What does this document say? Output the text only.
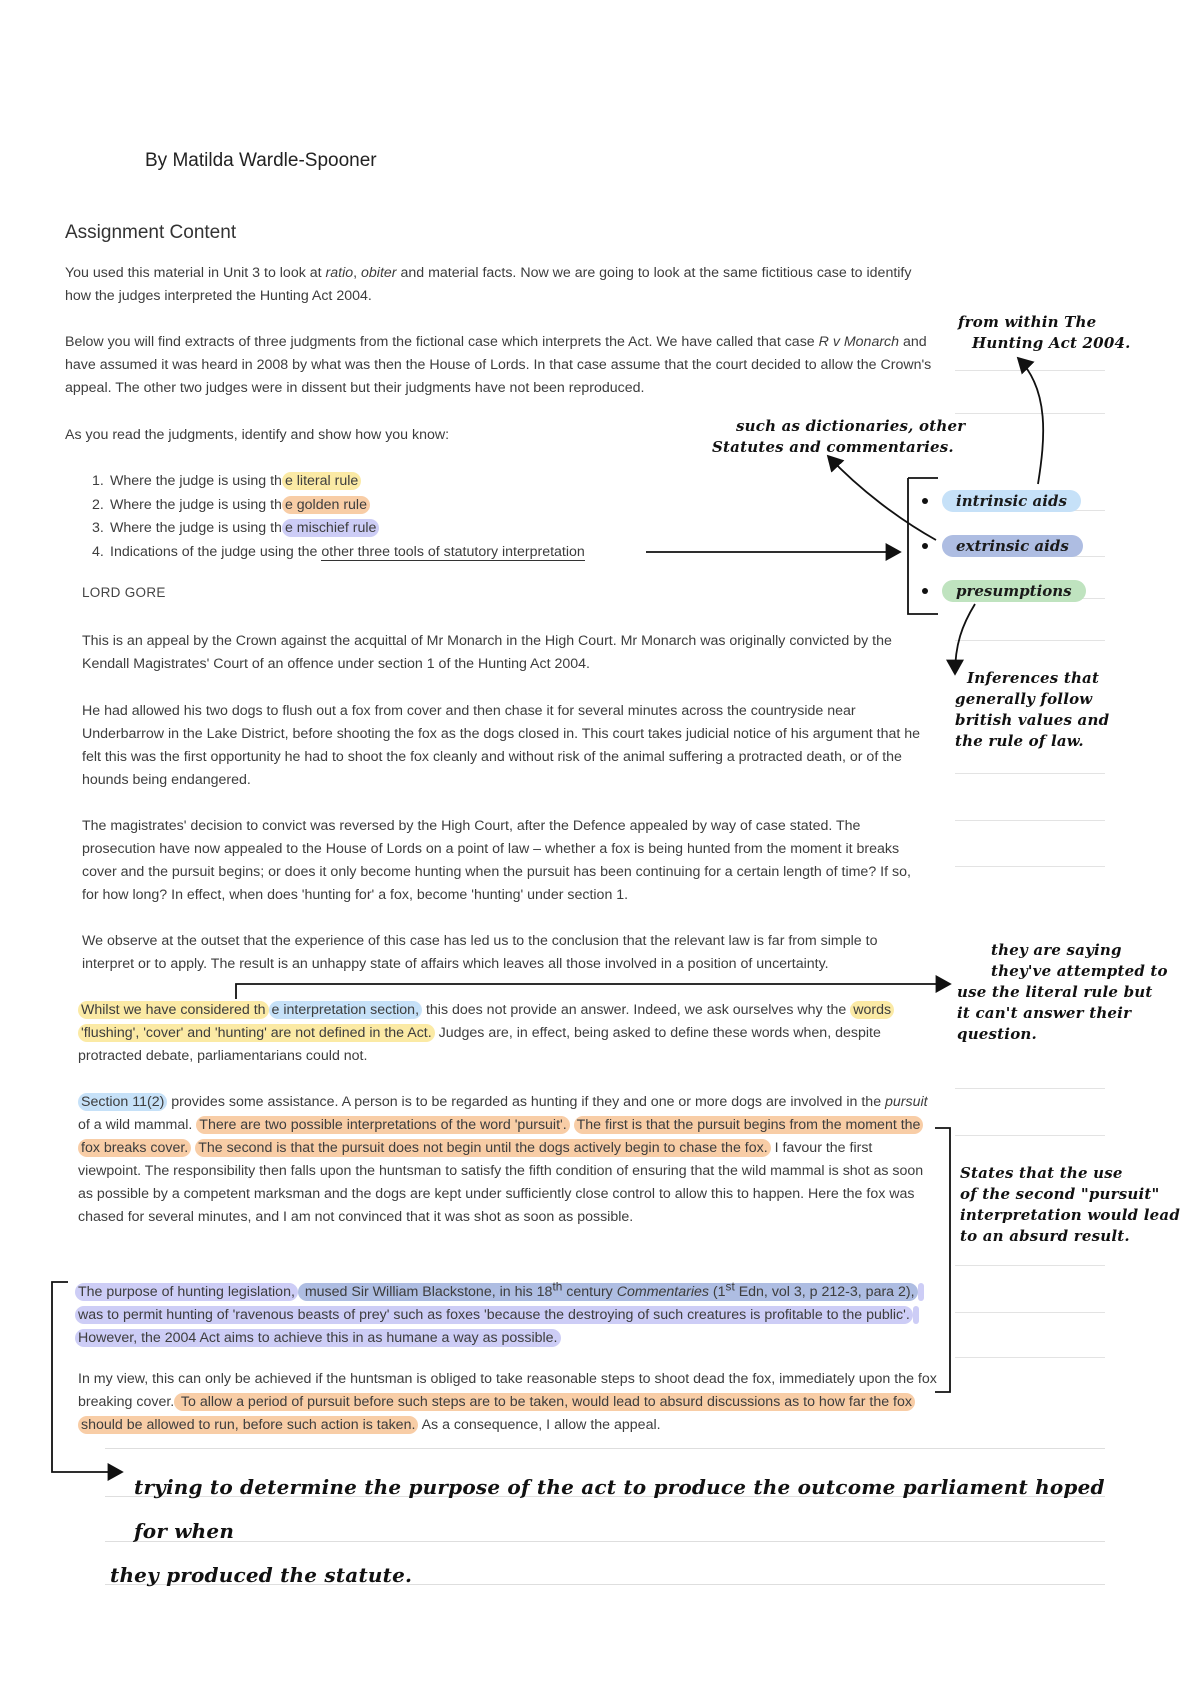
By Matilda Wardle-Spooner
Assignment Content
You used this material in Unit 3 to look at ratio, obiter and material facts. Now we are going to look at the same fictitious case to identify how the judges interpreted the Hunting Act 2004.
Below you will find extracts of three judgments from the fictional case which interprets the Act. We have called that case R v Monarch and have assumed it was heard in 2008 by what was then the House of Lords. In that case assume that the court decided to allow the Crown's appeal. The other two judges were in dissent but their judgments have not been reproduced.
As you read the judgments, identify and show how you know:
1. Where the judge is using th e literal rule
2. Where the judge is using th e golden rule
3. Where the judge is using th e mischief rule
4. Indications of the judge using the other three tools of statutory interpretation
LORD GORE
This is an appeal by the Crown against the acquittal of Mr Monarch in the High Court. Mr Monarch was originally convicted by the Kendall Magistrates' Court of an offence under section 1 of the Hunting Act 2004.
He had allowed his two dogs to flush out a fox from cover and then chase it for several minutes across the countryside near Underbarrow in the Lake District, before shooting the fox as the dogs closed in. This court takes judicial notice of his argument that he felt this was the first opportunity he had to shoot the fox cleanly and without risk of the animal suffering a protracted death, or of the hounds being endangered.
The magistrates' decision to convict was reversed by the High Court, after the Defence appealed by way of case stated. The prosecution have now appealed to the House of Lords on a point of law – whether a fox is being hunted from the moment it breaks cover and the pursuit begins; or does it only become hunting when the pursuit has been continuing for a certain length of time? If so, for how long? In effect, when does 'hunting for' a fox, become 'hunting' under section 1.
We observe at the outset that the experience of this case has led us to the conclusion that the relevant law is far from simple to interpret or to apply. The result is an unhappy state of affairs which leaves all those involved in a position of uncertainty.
Whilst we have considered th e interpretation section, this does not provide an answer. Indeed, we ask ourselves why the words 'flushing', 'cover' and 'hunting' are not defined in the Act. Judges are, in effect, being asked to define these words when, despite protracted debate, parliamentarians could not.
Section 11(2) provides some assistance. A person is to be regarded as hunting if they and one or more dogs are involved in the pursuit of a wild mammal. There are two possible interpretations of the word 'pursuit'. The first is that the pursuit begins from the moment the fox breaks cover. The second is that the pursuit does not begin until the dogs actively begin to chase the fox. I favour the first viewpoint. The responsibility then falls upon the huntsman to satisfy the fifth condition of ensuring that the wild mammal is shot as soon as possible by a competent marksman and the dogs are kept under sufficiently close control to allow this to happen. Here the fox was chased for several minutes, and I am not convinced that it was shot as soon as possible.
The purpose of hunting legislation, mused Sir William Blackstone, in his 18th century Commentaries (1st Edn, vol 3, p 212-3, para 2), was to permit hunting of 'ravenous beasts of prey' such as foxes 'because the destroying of such creatures is profitable to the public'. However, the 2004 Act aims to achieve this in as humane a way as possible.
In my view, this can only be achieved if the huntsman is obliged to take reasonable steps to shoot dead the fox, immediately upon the fox breaking cover. To allow a period of pursuit before such steps are to be taken, would lead to absurd discussions as to how far the fox should be allowed to run, before such action is taken. As a consequence, I allow the appeal.
intrinsic aids
extrinsic aids
presumptions
from within The
Hunting Act 2004.
such as dictionaries, other
Statutes and commentaries.
Inferences that
generally follow
british values and
the rule of law.
they are saying
they've attempted to
use the literal rule but
it can't answer their
question.
States that the use
of the second "pursuit"
interpretation would lead
to an absurd result.
trying to determine the purpose of the act to produce the outcome parliament hoped for when
they produced the statute.
